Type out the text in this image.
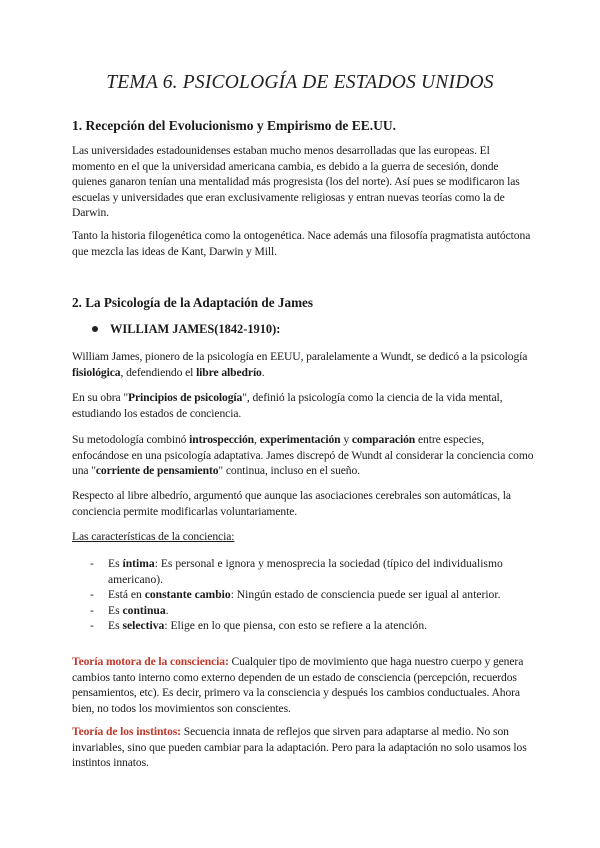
TEMA 6. PSICOLOGÍA DE ESTADOS UNIDOS
1. Recepción del Evolucionismo y Empirismo de EE.UU.
Las universidades estadounidenses estaban mucho menos desarrolladas que las europeas. El momento en el que la universidad americana cambia, es debido a la guerra de secesión, donde quienes ganaron tenían una mentalidad más progresista (los del norte). Así pues se modificaron las escuelas y universidades que eran exclusivamente religiosas y entran nuevas teorías como la de Darwin.
Tanto la historia filogenética como la ontogenética. Nace además una filosofía pragmatista autóctona que mezcla las ideas de Kant, Darwin y Mill.
2. La Psicología de la Adaptación de James
WILLIAM JAMES(1842-1910):
William James, pionero de la psicología en EEUU, paralelamente a Wundt, se dedicó a la psicología fisiológica, defendiendo el libre albedrío.
En su obra "Principios de psicología", definió la psicología como la ciencia de la vida mental, estudiando los estados de conciencia.
Su metodología combinó introspección, experimentación y comparación entre especies, enfocándose en una psicología adaptativa. James discrepó de Wundt al considerar la conciencia como una "corriente de pensamiento" continua, incluso en el sueño.
Respecto al libre albedrío, argumentó que aunque las asociaciones cerebrales son automáticas, la conciencia permite modificarlas voluntariamente.
Las características de la conciencia:
- Es íntima: Es personal e ignora y menosprecia la sociedad (típico del individualismo americano).
- Está en constante cambio: Ningún estado de consciencia puede ser igual al anterior.
- Es continua.
- Es selectiva: Elige en lo que piensa, con esto se refiere a la atención.
Teoría motora de la consciencia: Cualquier tipo de movimiento que haga nuestro cuerpo y genera cambios tanto interno como externo dependen de un estado de consciencia (percepción, recuerdos pensamientos, etc). Es decir, primero va la consciencia y después los cambios conductuales. Ahora bien, no todos los movimientos son conscientes.
Teoría de los instintos: Secuencia innata de reflejos que sirven para adaptarse al medio. No son invariables, sino que pueden cambiar para la adaptación. Pero para la adaptación no solo usamos los instintos innatos.
